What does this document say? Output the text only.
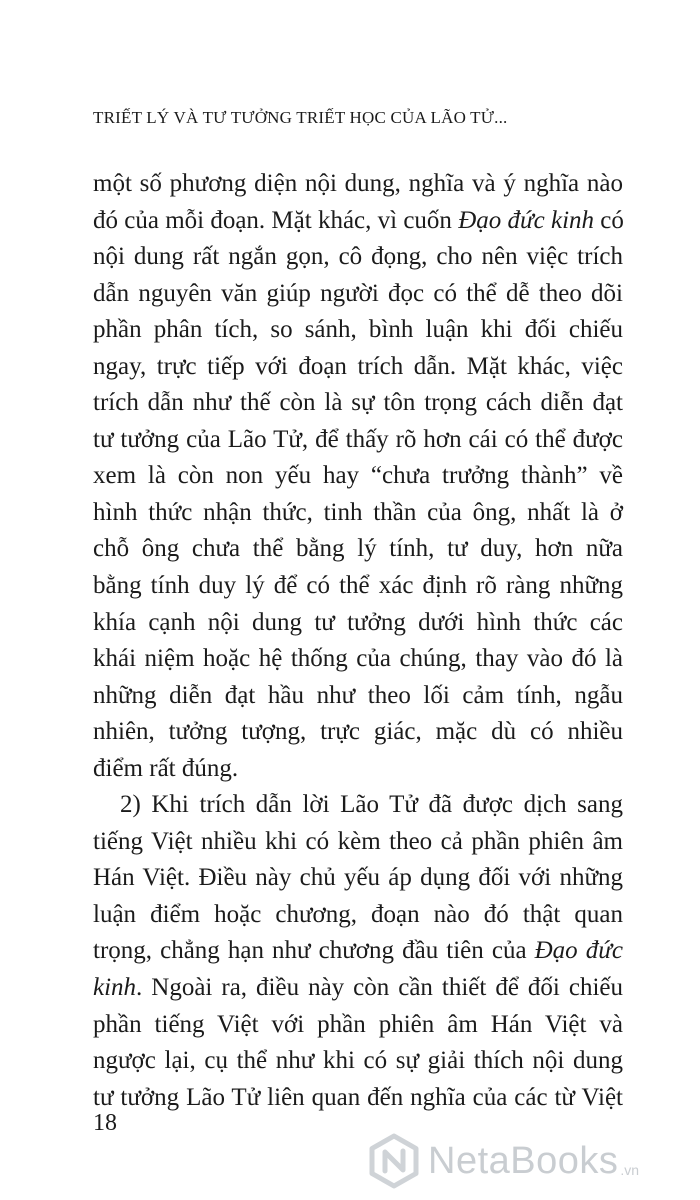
TRIẾT LÝ VÀ TƯ TƯỞNG TRIẾT HỌC CỦA LÃO TỬ...
một số phương diện nội dung, nghĩa và ý nghĩa nào
đó của mỗi đoạn. Mặt khác, vì cuốn Đạo đức kinh có
nội dung rất ngắn gọn, cô đọng, cho nên việc trích
dẫn nguyên văn giúp người đọc có thể dễ theo dõi
phần phân tích, so sánh, bình luận khi đối chiếu
ngay, trực tiếp với đoạn trích dẫn. Mặt khác, việc
trích dẫn như thế còn là sự tôn trọng cách diễn đạt
tư tưởng của Lão Tử, để thấy rõ hơn cái có thể được
xem là còn non yếu hay “chưa trưởng thành” về
hình thức nhận thức, tinh thần của ông, nhất là ở
chỗ ông chưa thể bằng lý tính, tư duy, hơn nữa
bằng tính duy lý để có thể xác định rõ ràng những
khía cạnh nội dung tư tưởng dưới hình thức các
khái niệm hoặc hệ thống của chúng, thay vào đó là
những diễn đạt hầu như theo lối cảm tính, ngẫu
nhiên, tưởng tượng, trực giác, mặc dù có nhiều
điểm rất đúng.
2) Khi trích dẫn lời Lão Tử đã được dịch sang
tiếng Việt nhiều khi có kèm theo cả phần phiên âm
Hán Việt. Điều này chủ yếu áp dụng đối với những
luận điểm hoặc chương, đoạn nào đó thật quan
trọng, chẳng hạn như chương đầu tiên của Đạo đức
kinh. Ngoài ra, điều này còn cần thiết để đối chiếu
phần tiếng Việt với phần phiên âm Hán Việt và
ngược lại, cụ thể như khi có sự giải thích nội dung
tư tưởng Lão Tử liên quan đến nghĩa của các từ Việt
18
NetaBooks .vn
